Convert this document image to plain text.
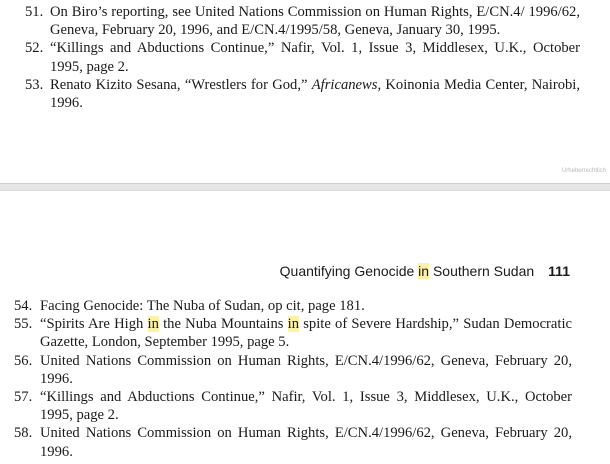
51. On Biro’s reporting, see United Nations Commission on Human Rights, E/CN.4/ 1996/62, Geneva, February 20, 1996, and E/CN.4/1995/58, Geneva, January 30, 1995.
52. “Killings and Abductions Continue,” Nafir, Vol. 1, Issue 3, Middlesex, U.K., October 1995, page 2.
53. Renato Kizito Sesana, “Wrestlers for God,” Africanews, Koinonia Media Center, Nairobi, 1996.
Urheberrechtlich
Quantifying Genocide in Southern Sudan 111
54. Facing Genocide: The Nuba of Sudan, op cit, page 181.
55. “Spirits Are High in the Nuba Mountains in spite of Severe Hardship,” Sudan Democratic Gazette, London, September 1995, page 5.
56. United Nations Commission on Human Rights, E/CN.4/1996/62, Geneva, February 20, 1996.
57. “Killings and Abductions Continue,” Nafir, Vol. 1, Issue 3, Middlesex, U.K., October 1995, page 2.
58. United Nations Commission on Human Rights, E/CN.4/1996/62, Geneva, February 20, 1996.
